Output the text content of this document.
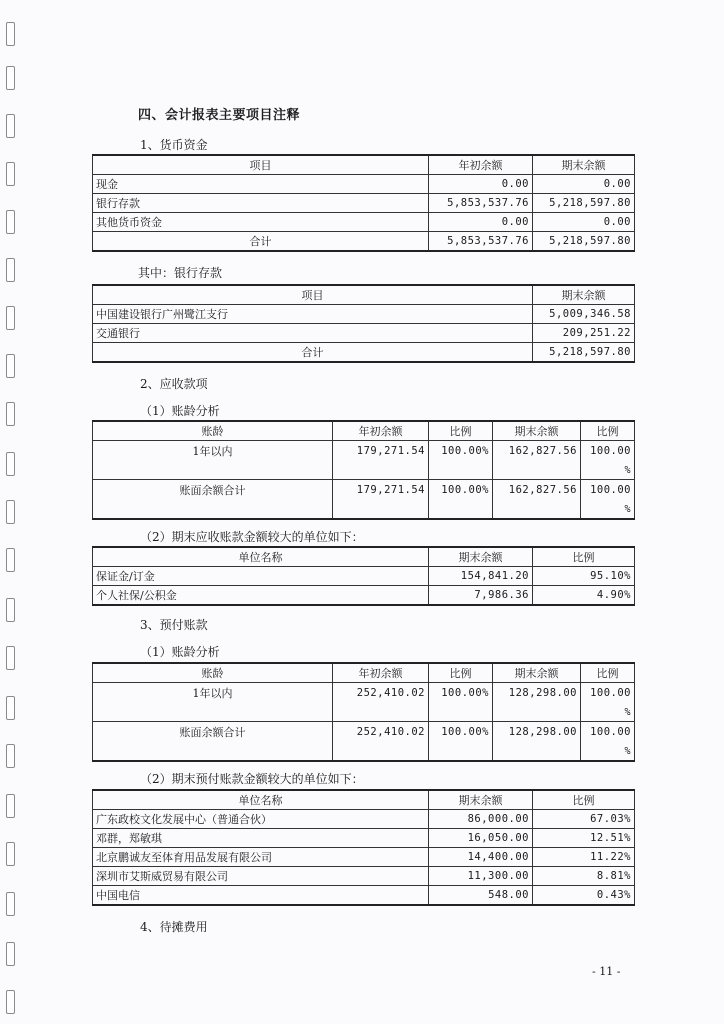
四、会计报表主要项目注释
1、货币资金
项目	年初余额	期末余额
现金	0.00	0.00
银行存款	5,853,537.76	5,218,597.80
其他货币资金	0.00	0.00
合计	5,853,537.76	5,218,597.80
其中：银行存款
项目	期末余额
中国建设银行广州鹭江支行	5,009,346.58
交通银行	209,251.22
合计	5,218,597.80
2、应收款项
（1）账龄分析
账龄	年初余额	比例	期末余额	比例
1年以内	179,271.54	100.00%	162,827.56	100.00
%

账面余额合计	179,271.54	100.00%	162,827.56	100.00
%
（2）期末应收账款金额较大的单位如下：
单位名称	期末余额	比例
保证金/订金	154,841.20	95.10%
个人社保/公积金	7,986.36	4.90%
3、预付账款
（1）账龄分析
账龄	年初余额	比例	期末余额	比例
1年以内	252,410.02	100.00%	128,298.00	100.00
%

账面余额合计	252,410.02	100.00%	128,298.00	100.00
%
（2）期末预付账款金额较大的单位如下：
单位名称	期末余额	比例
广东政校文化发展中心（普通合伙）	86,000.00	67.03%
邓群，郑敏琪	16,050.00	12.51%
北京鹏诚友至体育用品发展有限公司	14,400.00	11.22%
深圳市艾斯威贸易有限公司	11,300.00	8.81%
中国电信	548.00	0.43%
4、待摊费用
- 11 -
